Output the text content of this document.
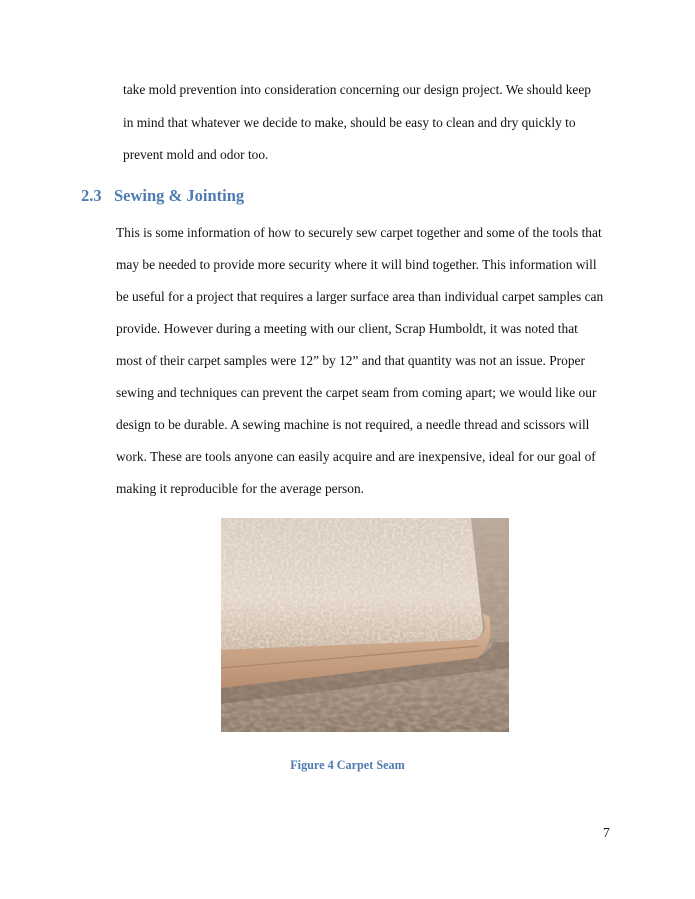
take mold prevention into consideration concerning our design project. We should keep
in mind that whatever we decide to make, should be easy to clean and dry quickly to
prevent mold and odor too.
2.3 Sewing & Jointing
This is some information of how to securely sew carpet together and some of the tools that
may be needed to provide more security where it will bind together. This information will
be useful for a project that requires a larger surface area than individual carpet samples can
provide. However during a meeting with our client, Scrap Humboldt, it was noted that
most of their carpet samples were 12” by 12” and that quantity was not an issue. Proper
sewing and techniques can prevent the carpet seam from coming apart; we would like our
design to be durable. A sewing machine is not required, a needle thread and scissors will
work. These are tools anyone can easily acquire and are inexpensive, ideal for our goal of
making it reproducible for the average person.
Figure 4 Carpet Seam
7
